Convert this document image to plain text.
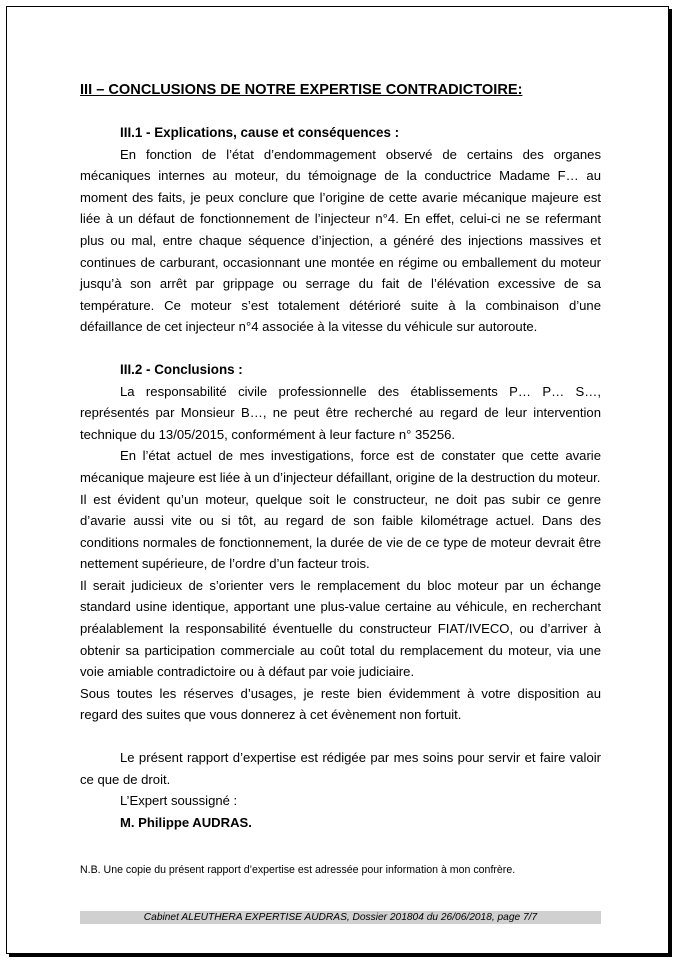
III – CONCLUSIONS DE NOTRE EXPERTISE CONTRADICTOIRE:
III.1 - Explications, cause et conséquences :

En fonction de l’état d’endommagement observé de certains des organes mécaniques internes au moteur, du témoignage de la conductrice Madame F… au moment des faits, je peux conclure que l’origine de cette avarie mécanique majeure est liée à un défaut de fonctionnement de l’injecteur n°4. En effet, celui-ci ne se refermant plus ou mal, entre chaque séquence d’injection, a généré des injections massives et continues de carburant, occasionnant une montée en régime ou emballement du moteur jusqu’à son arrêt par grippage ou serrage du fait de l’élévation excessive de sa température. Ce moteur s’est totalement détérioré suite à la combinaison d’une défaillance de cet injecteur n°4 associée à la vitesse du véhicule sur autoroute.

III.2 - Conclusions :

La responsabilité civile professionnelle des établissements P… P… S…, représentés par Monsieur B…, ne peut être recherché au regard de leur intervention technique du 13/05/2015, conformément à leur facture n° 35256.

En l’état actuel de mes investigations, force est de constater que cette avarie mécanique majeure est liée à un d’injecteur défaillant, origine de la destruction du moteur.

Il est évident qu’un moteur, quelque soit le constructeur, ne doit pas subir ce genre d’avarie aussi vite ou si tôt, au regard de son faible kilométrage actuel. Dans des conditions normales de fonctionnement, la durée de vie de ce type de moteur devrait être nettement supérieure, de l’ordre d’un facteur trois.

Il serait judicieux de s’orienter vers le remplacement du bloc moteur par un échange standard usine identique, apportant une plus-value certaine au véhicule, en recherchant préalablement la responsabilité éventuelle du constructeur FIAT/IVECO, ou d’arriver à obtenir sa participation commerciale au coût total du remplacement du moteur, via une voie amiable contradictoire ou à défaut par voie judiciaire.

Sous toutes les réserves d’usages, je reste bien évidemment à votre disposition au regard des suites que vous donnerez à cet évènement non fortuit.

Le présent rapport d’expertise est rédigée par mes soins pour servir et faire valoir ce que de droit.

L’Expert soussigné :
M. Philippe AUDRAS.
N.B. Une copie du présent rapport d’expertise est adressée pour information à mon confrère.
Cabinet ALEUTHERA EXPERTISE AUDRAS, Dossier 201804 du 26/06/2018, page 7/7
